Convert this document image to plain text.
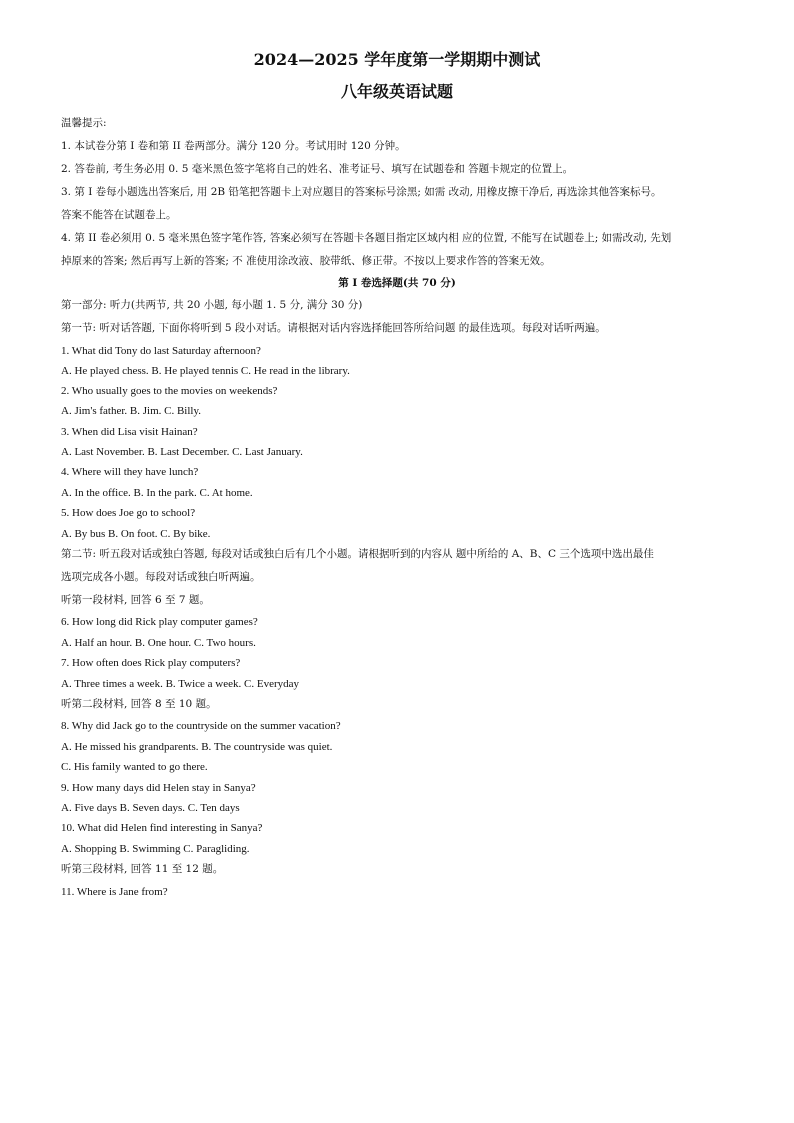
2024—2025 学年度第一学期期中测试
八年级英语试题
温馨提示:
1. 本试卷分第 I 卷和第 II 卷两部分。满分 120 分。考试用时 120 分钟。
2. 答卷前, 考生务必用 0. 5 毫米黑色签字笔将自己的姓名、准考证号、填写在试题卷和 答题卡规定的位置上。
3. 第 I 卷每小题选出答案后, 用 2B 铅笔把答题卡上对应题目的答案标号涂黑; 如需 改动, 用橡皮擦干净后, 再选涂其他答案标号。
答案不能答在试题卷上。
4. 第 II 卷必须用 0. 5 毫米黑色签字笔作答, 答案必须写在答题卡各题目指定区域内相 应的位置, 不能写在试题卷上; 如需改动, 先划
掉原来的答案; 然后再写上新的答案; 不 准使用涂改液、胶带纸、修正带。不按以上要求作答的答案无效。
第 I 卷选择题(共 70 分)
第一部分: 听力(共两节, 共 20 小题, 每小题 1. 5 分, 满分 30 分)
第一节: 听对话答题, 下面你将听到 5 段小对话。请根据对话内容选择能回答所给问题 的最佳选项。每段对话听两遍。
1. What did Tony do last Saturday afternoon?
A. He played chess. B. He played tennis C. He read in the library.
2. Who usually goes to the movies on weekends?
A. Jim's father. B. Jim. C. Billy.
3. When did Lisa visit Hainan?
A. Last November. B. Last December. C. Last January.
4. Where will they have lunch?
A. In the office. B. In the park. C. At home.
5. How does Joe go to school?
A. By bus B. On foot. C. By bike.
第二节: 听五段对话或独白答题, 每段对话或独白后有几个小题。请根据听到的内容从 题中所给的 A、B、C 三个选项中选出最佳
选项完成各小题。每段对话或独白听两遍。
听第一段材料, 回答 6 至 7 题。
6. How long did Rick play computer games?
A. Half an hour. B. One hour. C. Two hours.
7. How often does Rick play computers?
A. Three times a week. B. Twice a week. C. Everyday
听第二段材料, 回答 8 至 10 题。
8. Why did Jack go to the countryside on the summer vacation?
A. He missed his grandparents. B. The countryside was quiet.
C. His family wanted to go there.
9. How many days did Helen stay in Sanya?
A. Five days B. Seven days. C. Ten days
10. What did Helen find interesting in Sanya?
A. Shopping B. Swimming C. Paragliding.
听第三段材料, 回答 11 至 12 题。
11. Where is Jane from?
